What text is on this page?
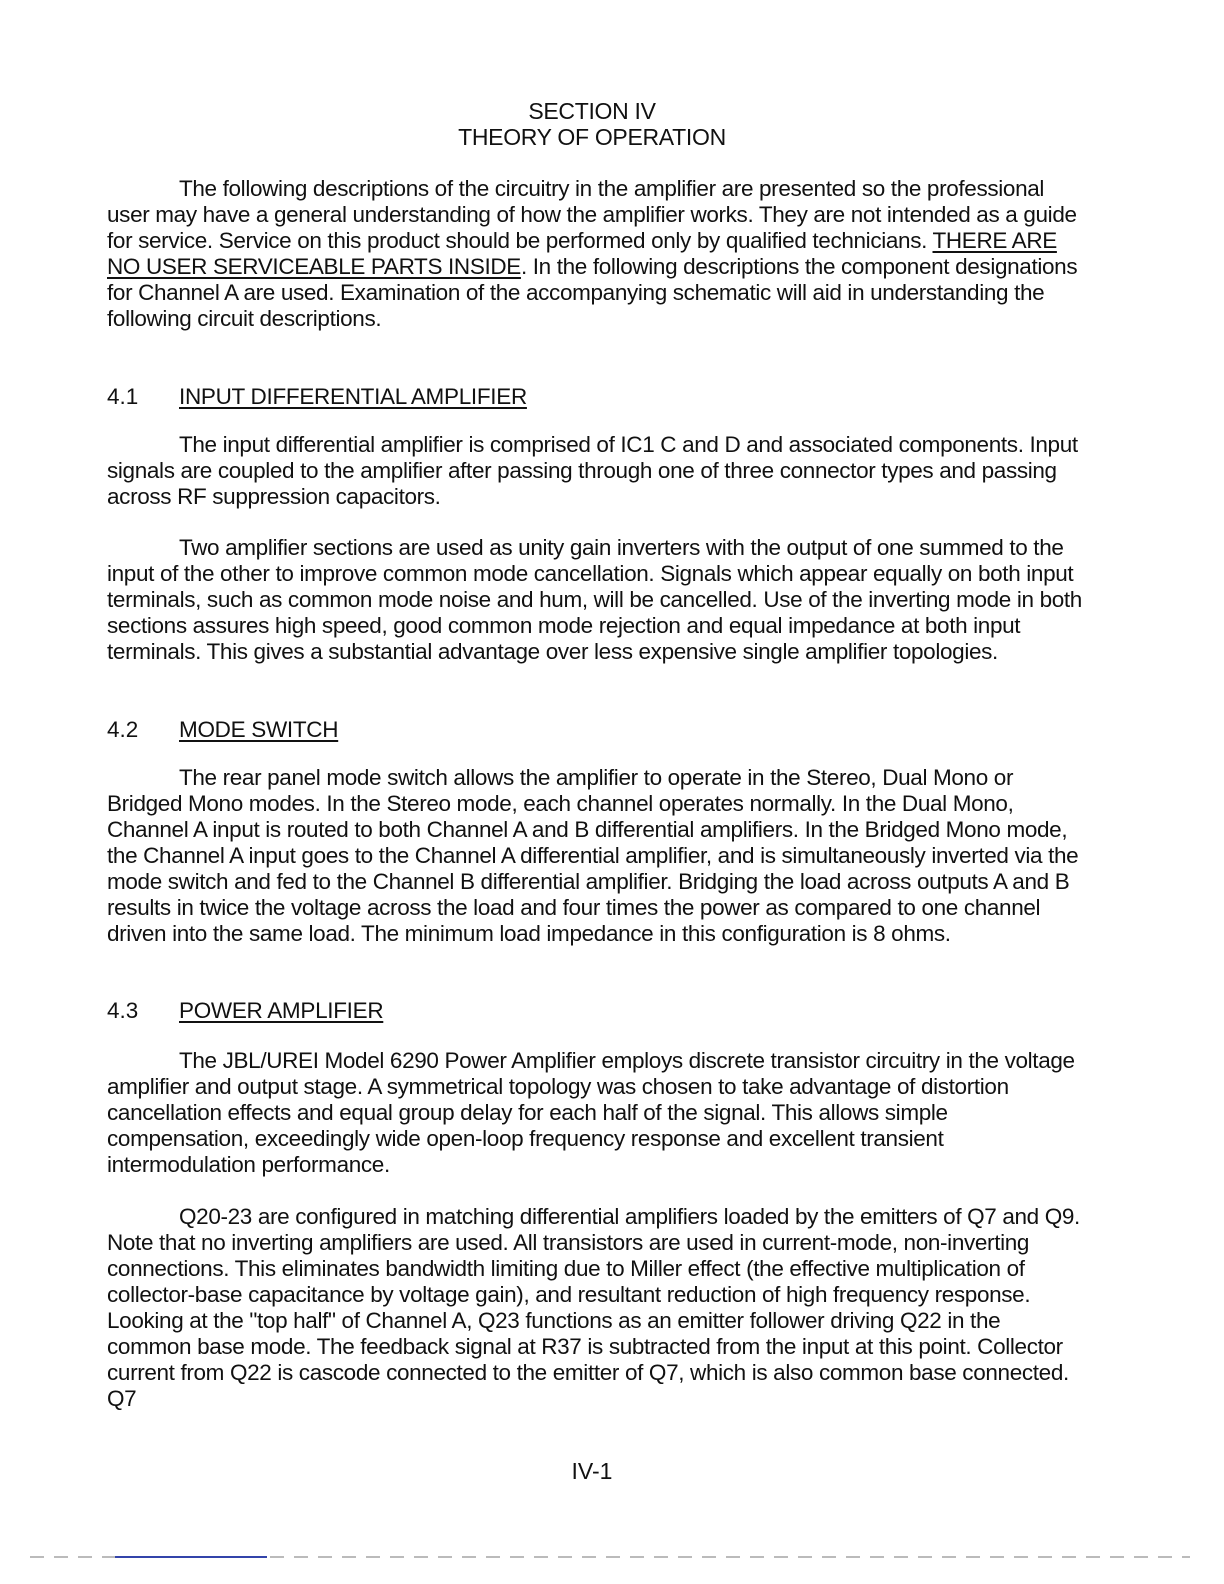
SECTION IV
THEORY OF OPERATION

The following descriptions of the circuitry in the amplifier are presented so the professional user may have a general understanding of how the amplifier works. They are not intended as a guide for service. Service on this product should be performed only by qualified technicians. THERE ARE NO USER SERVICEABLE PARTS INSIDE. In the following descriptions the component designations for Channel A are used. Examination of the accompanying schematic will aid in understanding the following circuit descriptions.

4.1 INPUT DIFFERENTIAL AMPLIFIER

The input differential amplifier is comprised of IC1 C and D and associated components. Input signals are coupled to the amplifier after passing through one of three connector types and passing across RF suppression capacitors.

Two amplifier sections are used as unity gain inverters with the output of one summed to the input of the other to improve common mode cancellation. Signals which appear equally on both input terminals, such as common mode noise and hum, will be cancelled. Use of the inverting mode in both sections assures high speed, good common mode rejection and equal impedance at both input terminals. This gives a substantial advantage over less expensive single amplifier topologies.

4.2 MODE SWITCH

The rear panel mode switch allows the amplifier to operate in the Stereo, Dual Mono or Bridged Mono modes. In the Stereo mode, each channel operates normally. In the Dual Mono, Channel A input is routed to both Channel A and B differential amplifiers. In the Bridged Mono mode, the Channel A input goes to the Channel A differential amplifier, and is simultaneously inverted via the mode switch and fed to the Channel B differential amplifier. Bridging the load across outputs A and B results in twice the voltage across the load and four times the power as compared to one channel driven into the same load. The minimum load impedance in this configuration is 8 ohms.

4.3 POWER AMPLIFIER

The JBL/UREI Model 6290 Power Amplifier employs discrete transistor circuitry in the voltage amplifier and output stage. A symmetrical topology was chosen to take advantage of distortion cancellation effects and equal group delay for each half of the signal. This allows simple compensation, exceedingly wide open-loop frequency response and excellent transient intermodulation performance.

Q20-23 are configured in matching differential amplifiers loaded by the emitters of Q7 and Q9. Note that no inverting amplifiers are used. All transistors are used in current-mode, non-inverting connections. This eliminates bandwidth limiting due to Miller effect (the effective multiplication of collector-base capacitance by voltage gain), and resultant reduction of high frequency response. Looking at the "top half" of Channel A, Q23 functions as an emitter follower driving Q22 in the common base mode. The feedback signal at R37 is subtracted from the input at this point. Collector current from Q22 is cascode connected to the emitter of Q7, which is also common base connected. Q7

IV-1
